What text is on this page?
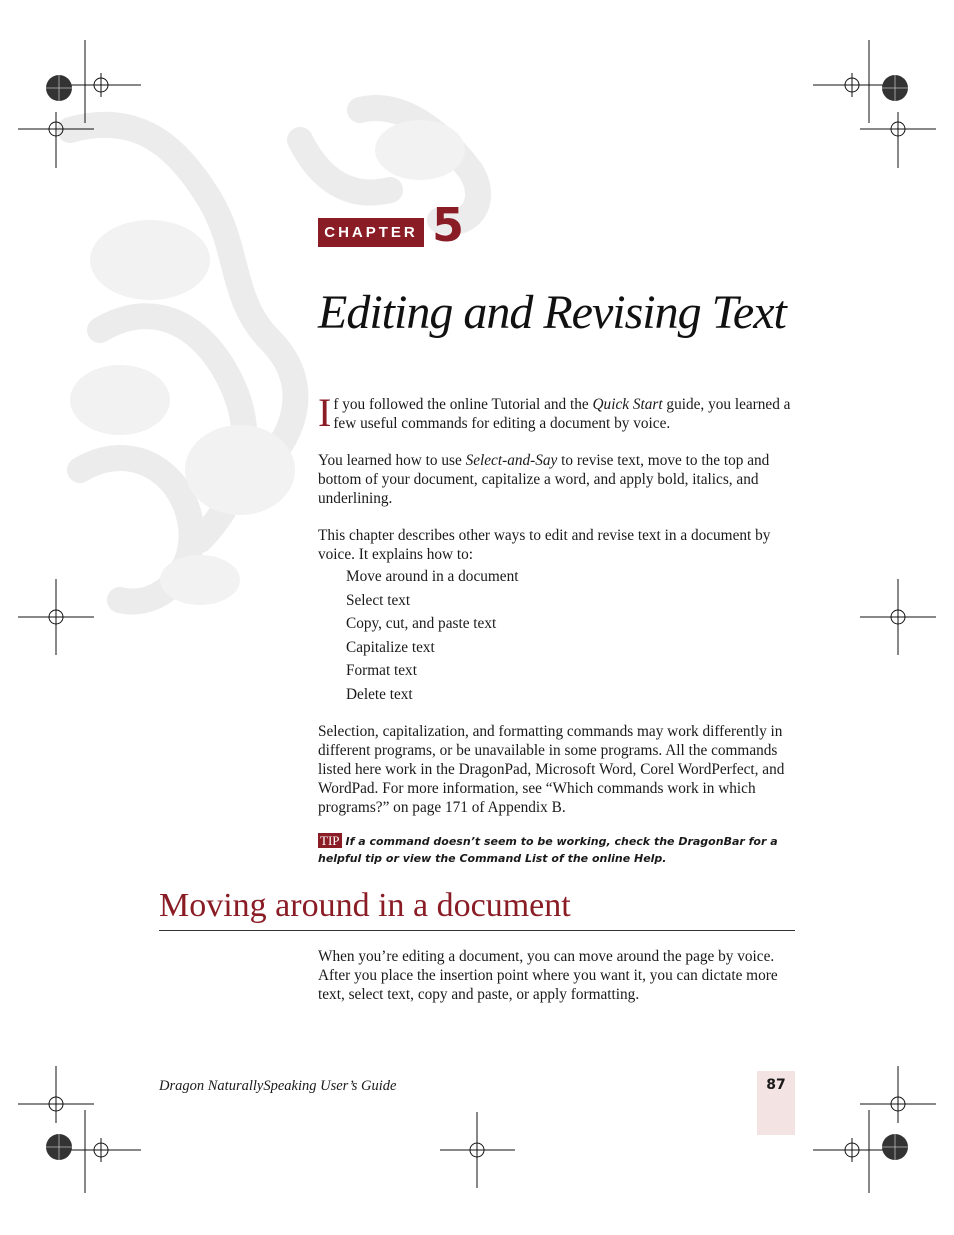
CHAPTER 5
Editing and Revising Text

If you followed the online Tutorial and the Quick Start guide, you learned a few useful commands for editing a document by voice.

You learned how to use Select-and-Say to revise text, move to the top and bottom of your document, capitalize a word, and apply bold, italics, and underlining.

This chapter describes other ways to edit and revise text in a document by voice. It explains how to:

Move around in a document
Select text
Copy, cut, and paste text
Capitalize text
Format text
Delete text

Selection, capitalization, and formatting commands may work differently in different programs, or be unavailable in some programs. All the commands listed here work in the DragonPad, Microsoft Word, Corel WordPerfect, and WordPad. For more information, see “Which commands work in which programs?” on page 171 of Appendix B.

TIP If a command doesn’t seem to be working, check the DragonBar for a helpful tip or view the Command List of the online Help.
Moving around in a document

When you’re editing a document, you can move around the page by voice. After you place the insertion point where you want it, you can dictate more text, select text, copy and paste, or apply formatting.

Dragon NaturallySpeaking User’s Guide	87
